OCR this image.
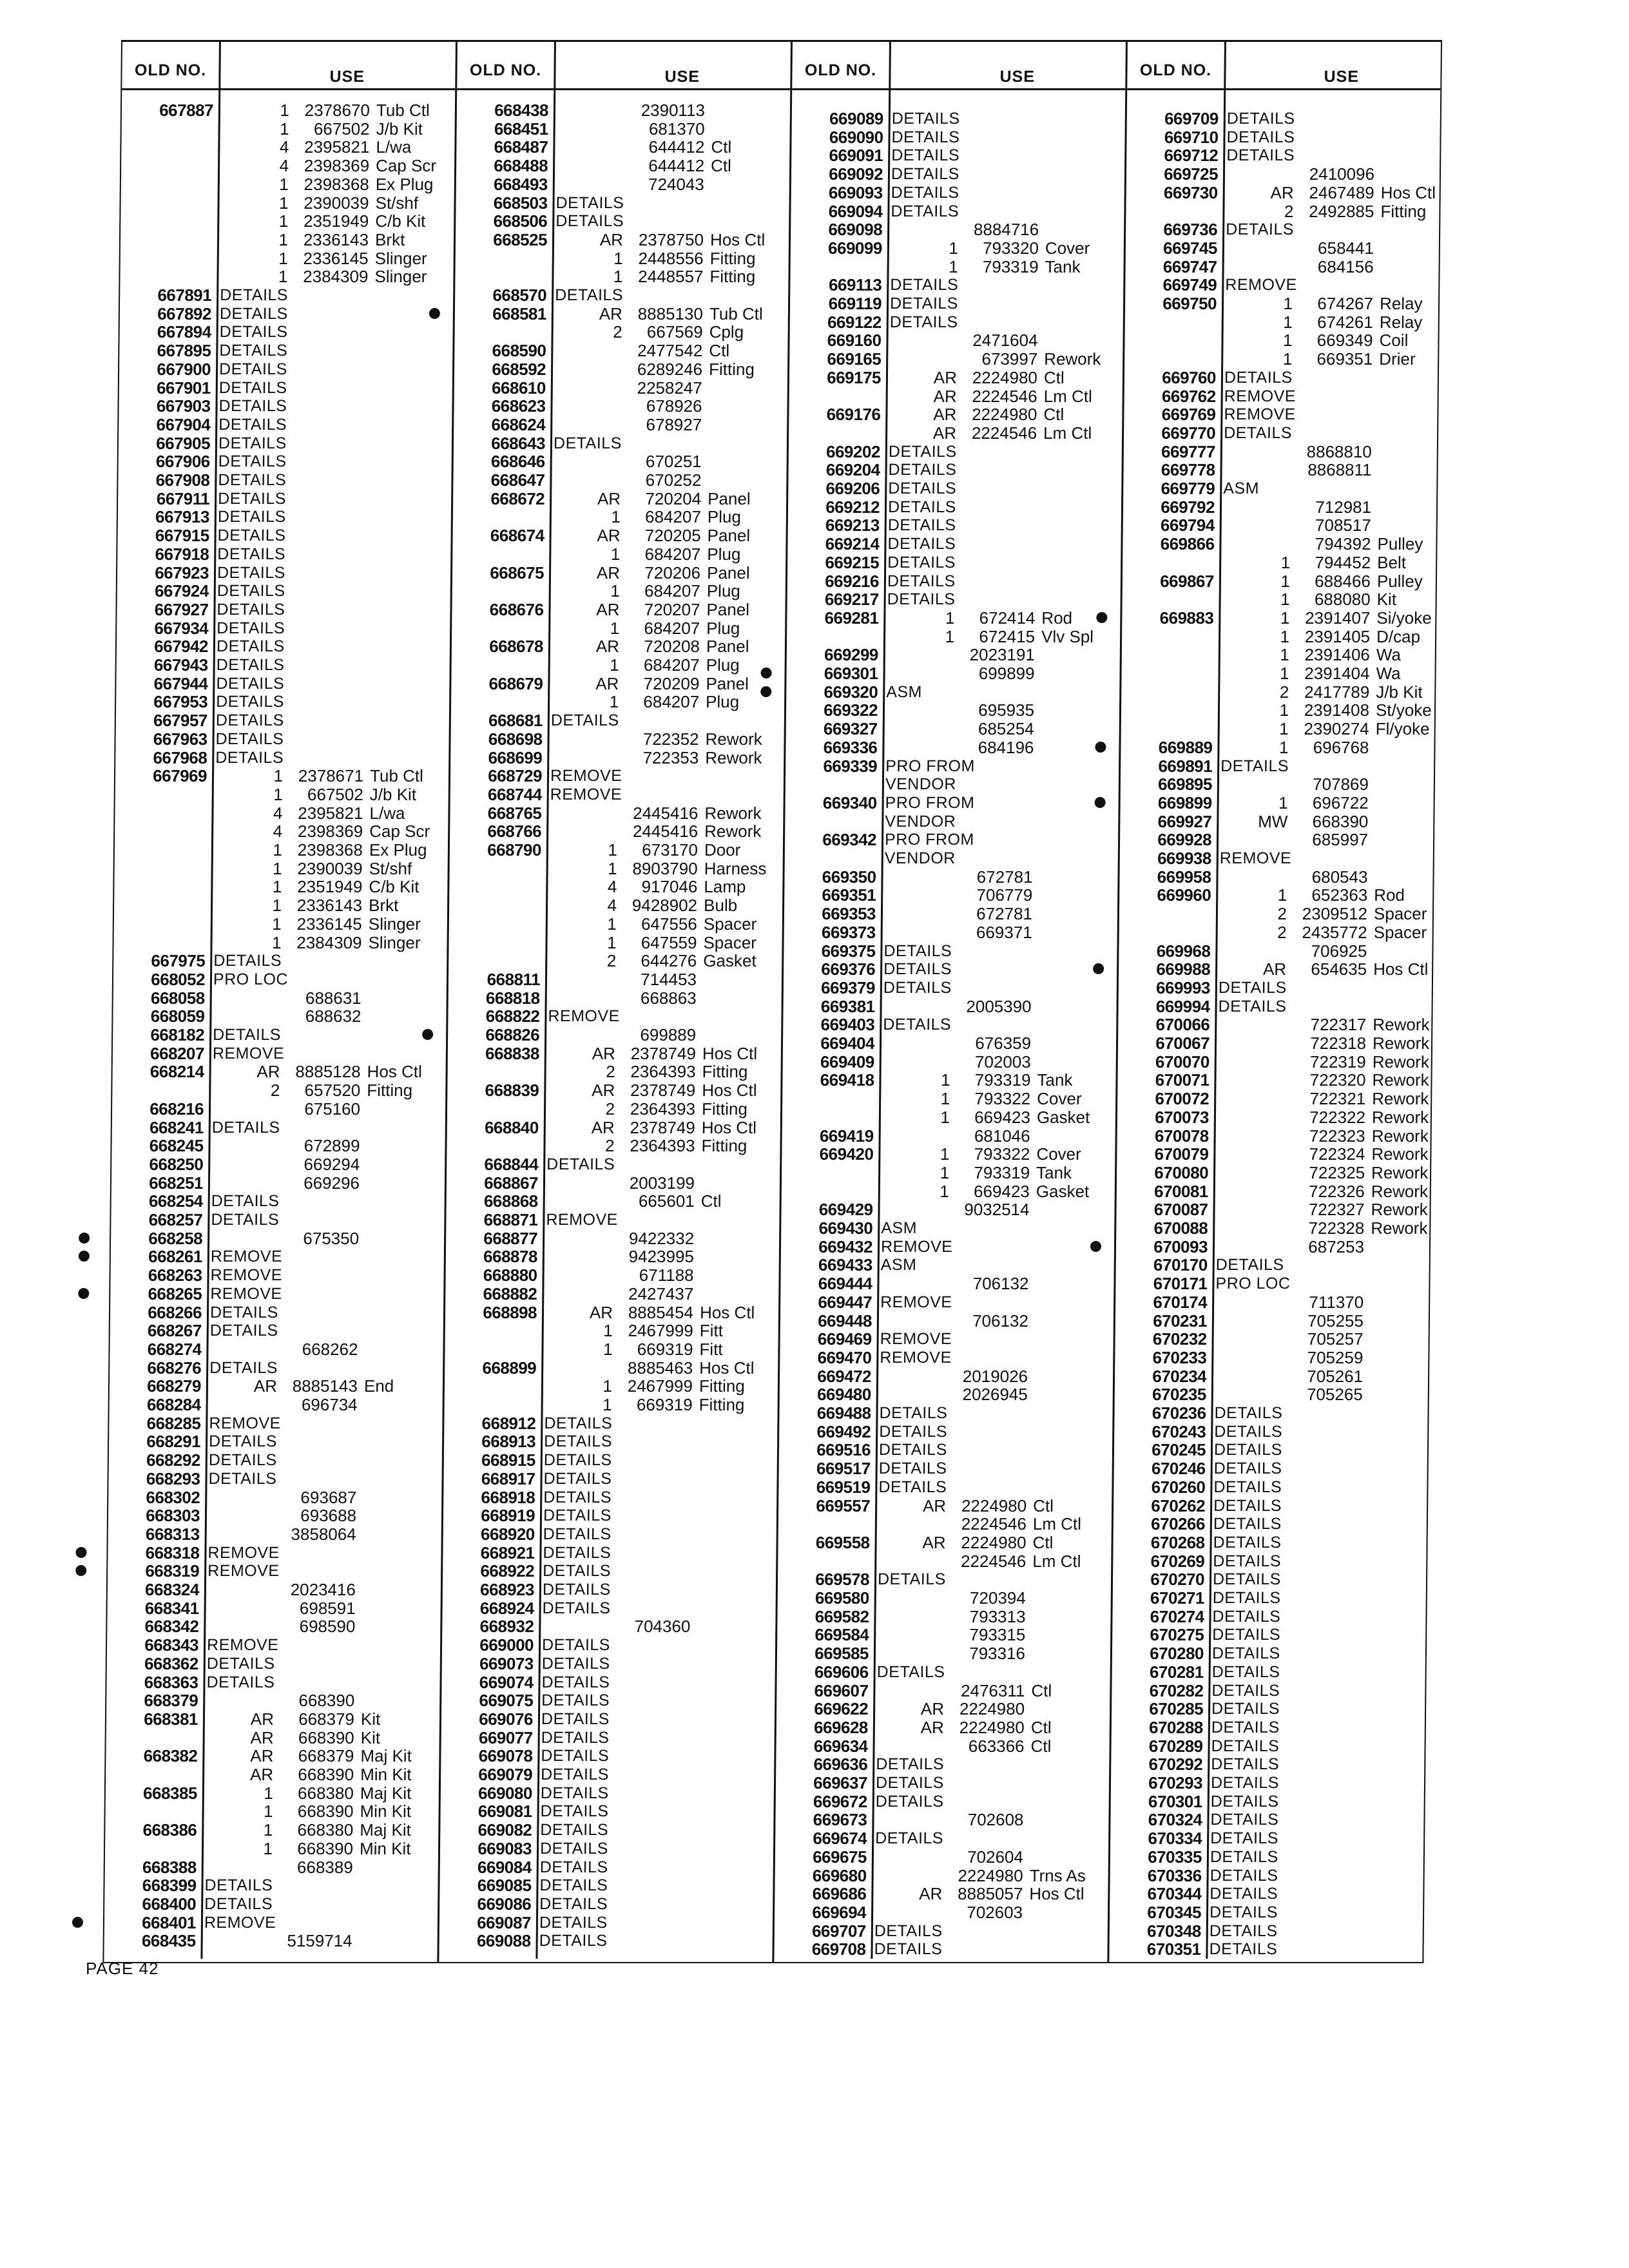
OLD NO.	USE
667887	1 2378670 Tub Ctl
1	667502 J/b Kit
4 2395821 L/wa
4 2398369 Cap Scr
1 2398368 Ex Plug
1 2390039 St/shf
1 2351949 C/b Kit
1 2336143 Brkt
1 2336145 Slinger
1 2384309 Slinger
667891 DETAILS
667892 DETAILS
667894 DETAILS
667895 DETAILS
667900 DETAILS
667901 DETAILS
667903 DETAILS
667904 DETAILS
667905 DETAILS
667906 DETAILS
667908 DETAILS
667911 DETAILS
667913 DETAILS
667915 DETAILS
667918 DETAILS
667923 DETAILS
667924 DETAILS
667927 DETAILS
667934 DETAILS
667942 DETAILS
667943 DETAILS
667944 DETAILS
667953 DETAILS
667957 DETAILS
667963 DETAILS
667968 DETAILS
667969	1 2378671 Tub Ctl
1	667502 J/b Kit
4 2395821 L/wa
4 2398369 Cap Scr
1 2398368 Ex Plug
1 2390039 St/shf
1 2351949 C/b Kit
1 2336143 Brkt
1 2336145 Slinger
1 2384309 Slinger
667975 DETAILS
668052 PRO LOC
668058	688631
668059	688632
668182 DETAILS
668207 REMOVE
668214	AR 8885128 Hos Ctl
2	657520 Fitting
668216	675160
668241 DETAILS
668245	672899
668250	669294
668251	669296
668254 DETAILS
668257 DETAILS
668258	675350
668261 REMOVE
668263 REMOVE
668265 REMOVE
668266 DETAILS
668267 DETAILS
668274	668262
668276 DETAILS
668279	AR 8885143 End
668284	696734
668285 REMOVE
668291 DETAILS
668292 DETAILS
668293 DETAILS
668302	693687
668303	693688
668313	3858064
668318 REMOVE
668319 REMOVE
668324	2023416
668341	698591
668342	698590
668343 REMOVE
668362 DETAILS
668363 DETAILS
668379	668390
668381	AR	668379 Kit
AR	668390 Kit
668382	AR	668379 Maj Kit
AR	668390 Min Kit
668385	1	668380 Maj Kit
1	668390 Min Kit
668386	1	668380 Maj Kit
1	668390 Min Kit
668388	668389
668399 DETAILS
668400 DETAILS
668401 REMOVE
668435	5159714
OLD NO.	USE
668438	2390113
668451	681370
668487	644412 Ctl
668488	644412 Ctl
668493	724043
668503 DETAILS
668506 DETAILS
668525	AR 2378750 Hos Ctl
1 2448556 Fitting
1 2448557 Fitting
668570 DETAILS
668581	AR 8885130 Tub Ctl
2	667569 Cplg
668590	2477542 Ctl
668592	6289246 Fitting
668610	2258247
668623	678926
668624	678927
668643 DETAILS
668646	670251
668647	670252
668672	AR	720204 Panel
1	684207 Plug
668674	AR	720205 Panel
1	684207 Plug
668675	AR	720206 Panel
1	684207 Plug
668676	AR	720207 Panel
1	684207 Plug
668678	AR	720208 Panel
1	684207 Plug
668679	AR	720209 Panel
1	684207 Plug
668681 DETAILS
668698	722352 Rework
668699	722353 Rework
668729 REMOVE
668744 REMOVE
668765	2445416 Rework
668766	2445416 Rework
668790	1	673170 Door
1 8903790 Harness
4	917046 Lamp
4 9428902 Bulb
1	647556 Spacer
1	647559 Spacer
2	644276 Gasket
668811	714453
668818	668863
668822 REMOVE
668826	699889
668838	AR 2378749 Hos Ctl
2 2364393 Fitting
668839	AR 2378749 Hos Ctl
2 2364393 Fitting
668840	AR 2378749 Hos Ctl
2 2364393 Fitting
668844 DETAILS
668867	2003199
668868	665601 Ctl
668871 REMOVE
668877	9422332
668878	9423995
668880	671188
668882	2427437
668898	AR 8885454 Hos Ctl
1 2467999 Fitt
1	669319 Fitt
668899	8885463 Hos Ctl
1 2467999 Fitting
1	669319 Fitting
668912 DETAILS
668913 DETAILS
668915 DETAILS
668917 DETAILS
668918 DETAILS
668919 DETAILS
668920 DETAILS
668921 DETAILS
668922 DETAILS
668923 DETAILS
668924 DETAILS
668932	704360
669000 DETAILS
669073 DETAILS
669074 DETAILS
669075 DETAILS
669076 DETAILS
669077 DETAILS
669078 DETAILS
669079 DETAILS
669080 DETAILS
669081 DETAILS
669082 DETAILS
669083 DETAILS
669084 DETAILS
669085 DETAILS
669086 DETAILS
669087 DETAILS
669088 DETAILS
OLD NO.	USE
669089 DETAILS
669090 DETAILS
669091 DETAILS
669092 DETAILS
669093 DETAILS
669094 DETAILS
669098	8884716
669099	1	793320 Cover
1	793319 Tank
669113 DETAILS
669119 DETAILS
669122 DETAILS
669160	2471604
669165	673997 Rework
669175	AR 2224980 Ctl
AR 2224546 Lm Ctl
669176	AR 2224980 Ctl
AR 2224546 Lm Ctl
669202 DETAILS
669204 DETAILS
669206 DETAILS
669212 DETAILS
669213 DETAILS
669214 DETAILS
669215 DETAILS
669216 DETAILS
669217 DETAILS
669281	1	672414 Rod
1	672415 Vlv Spl
669299	2023191
669301	699899
669320 ASM
669322	695935
669327	685254
669336	684196
669339 PRO FROM
VENDOR
669340 PRO FROM
VENDOR
669342 PRO FROM
VENDOR
669350	672781
669351	706779
669353	672781
669373	669371
669375 DETAILS
669376 DETAILS
669379 DETAILS
669381	2005390
669403 DETAILS
669404	676359
669409	702003
669418	1	793319 Tank
1	793322 Cover
1	669423 Gasket
669419	681046
669420	1	793322 Cover
1	793319 Tank
1	669423 Gasket
669429	9032514
669430 ASM
669432 REMOVE
669433 ASM
669444	706132
669447 REMOVE
669448	706132
669469 REMOVE
669470 REMOVE
669472	2019026
669480	2026945
669488 DETAILS
669492 DETAILS
669516 DETAILS
669517 DETAILS
669519 DETAILS
669557	AR 2224980 Ctl
2224546 Lm Ctl
669558	AR 2224980 Ctl
2224546 Lm Ctl
669578 DETAILS
669580	720394
669582	793313
669584	793315
669585	793316
669606 DETAILS
669607	2476311 Ctl
669622	AR 2224980
669628	AR 2224980 Ctl
669634	663366 Ctl
669636 DETAILS
669637 DETAILS
669672 DETAILS
669673	702608
669674 DETAILS
669675	702604
669680	2224980 Trns As
669686	AR 8885057 Hos Ctl
669694	702603
669707 DETAILS
669708 DETAILS
OLD NO.	USE
669709 DETAILS
669710 DETAILS
669712 DETAILS
669725	2410096
669730	AR 2467489 Hos Ctl
2 2492885 Fitting
669736 DETAILS
669745	658441
669747	684156
669749 REMOVE
669750	1	674267 Relay
1	674261 Relay
1	669349 Coil
1	669351 Drier
669760 DETAILS
669762 REMOVE
669769 REMOVE
669770 DETAILS
669777	8868810
669778	8868811
669779 ASM
669792	712981
669794	708517
669866	794392 Pulley
1	794452 Belt
669867	1	688466 Pulley
1	688080 Kit
669883	1 2391407 Si/yoke
1 2391405 D/cap
1 2391406 Wa
1 2391404 Wa
2 2417789 J/b Kit
1 2391408 St/yoke
1 2390274 Fl/yoke
669889	1	696768
669891 DETAILS
669895	707869
669899	1	696722
669927	MW	668390
669928	685997
669938 REMOVE
669958	680543
669960	1	652363 Rod
2 2309512 Spacer
2 2435772 Spacer
669968	706925
669988	AR	654635 Hos Ctl
669993 DETAILS
669994 DETAILS
670066	722317 Rework
670067	722318 Rework
670070	722319 Rework
670071	722320 Rework
670072	722321 Rework
670073	722322 Rework
670078	722323 Rework
670079	722324 Rework
670080	722325 Rework
670081	722326 Rework
670087	722327 Rework
670088	722328 Rework
670093	687253
670170 DETAILS
670171 PRO LOC
670174	711370
670231	705255
670232	705257
670233	705259
670234	705261
670235	705265
670236 DETAILS
670243 DETAILS
670245 DETAILS
670246 DETAILS
670260 DETAILS
670262 DETAILS
670266 DETAILS
670268 DETAILS
670269 DETAILS
670270 DETAILS
670271 DETAILS
670274 DETAILS
670275 DETAILS
670280 DETAILS
670281 DETAILS
670282 DETAILS
670285 DETAILS
670288 DETAILS
670289 DETAILS
670292 DETAILS
670293 DETAILS
670301 DETAILS
670324 DETAILS
670334 DETAILS
670335 DETAILS
670336 DETAILS
670344 DETAILS
670345 DETAILS
670348 DETAILS
670351 DETAILS
PAGE 42
